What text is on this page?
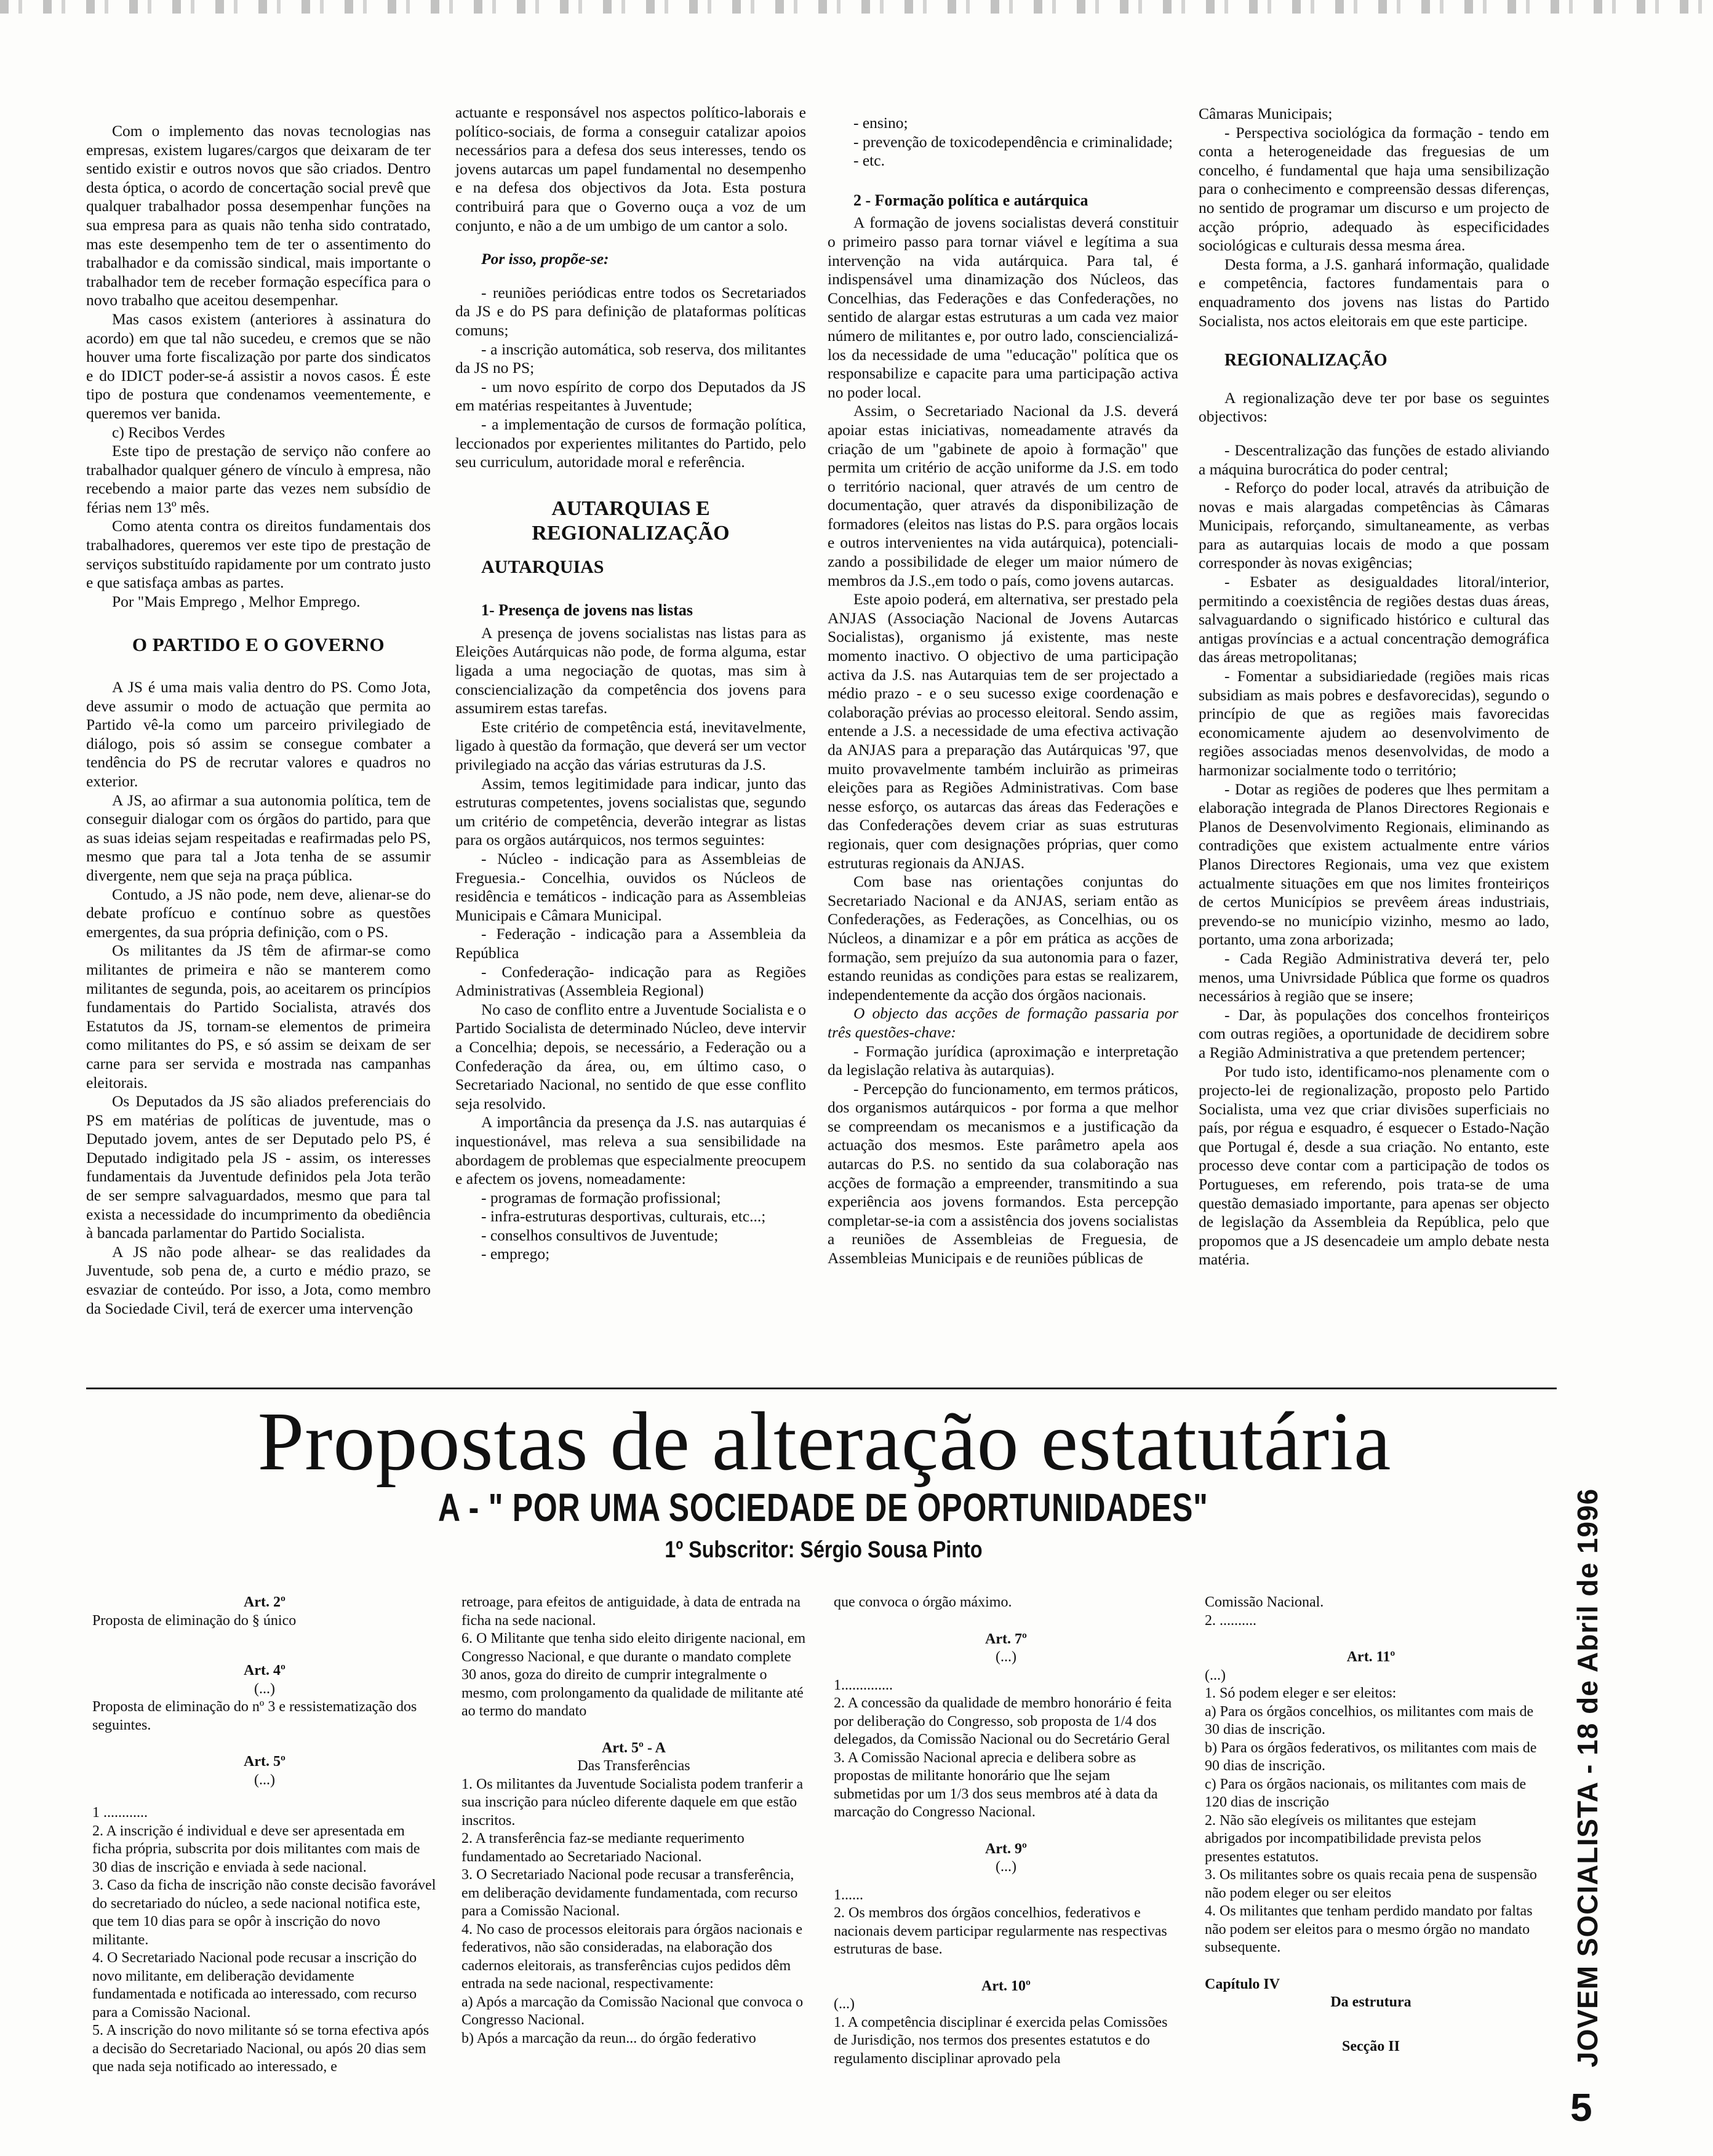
Com o implemento das novas tecnologias nas empresas, existem lugares/cargos que deixaram de ter sentido existir e outros novos que são criados. Dentro desta óptica, o acordo de concertação social prevê que qualquer trabalhador possa desempenhar funções na sua empresa para as quais não tenha sido contratado, mas este desempenho tem de ter o assentimento do trabalhador e da comissão sindical, mais importante o trabalhador tem de receber formação específica para o novo trabalho que aceitou desempenhar.

Mas casos existem (anteriores à assinatura do acordo) em que tal não sucedeu, e cremos que se não houver uma forte fiscalização por parte dos sindicatos e do IDICT poder-se-á assistir a novos casos. É este tipo de postura que condenamos veementemente, e queremos ver banida.

c) Recibos Verdes

Este tipo de prestação de serviço não confere ao trabalhador qualquer género de vínculo à empresa, não recebendo a maior parte das vezes nem subsídio de férias nem 13º mês.

Como atenta contra os direitos fundamentais dos trabalhadores, queremos ver este tipo de prestação de serviços substituído rapidamente por um contrato justo e que satisfaça ambas as partes.

Por "Mais Emprego , Melhor Emprego.

O PARTIDO E O GOVERNO

A JS é uma mais valia dentro do PS. Como Jota, deve assumir o modo de actuação que permita ao Partido vê-la como um parceiro privilegiado de diálogo, pois só assim se consegue combater a tendência do PS de recrutar valores e quadros no exterior.

A JS, ao afirmar a sua autonomia política, tem de conseguir dialogar com os órgãos do partido, para que as suas ideias sejam respeitadas e reafirmadas pelo PS, mesmo que para tal a Jota tenha de se assumir divergente, nem que seja na praça pública.

Contudo, a JS não pode, nem deve, alienar-se do debate profícuo e contínuo sobre as questões emergentes, da sua própria definição, com o PS.

Os militantes da JS têm de afirmar-se como militantes de primeira e não se manterem como militantes de segunda, pois, ao aceitarem os princípios fundamentais do Partido Socialista, através dos Estatutos da JS, tornam-se elementos de primeira como militantes do PS, e só assim se deixam de ser carne para ser servida e mostrada nas campanhas eleitorais.

Os Deputados da JS são aliados preferenciais do PS em matérias de políticas de juventude, mas o Deputado jovem, antes de ser Deputado pelo PS, é Deputado indigitado pela JS - assim, os interesses fundamentais da Juventude definidos pela Jota terão de ser sempre salvaguardados, mesmo que para tal exista a necessidade do incumprimento da obediência à bancada parlamentar do Partido Socialista.

A JS não pode alhear- se das realidades da Juventude, sob pena de, a curto e médio prazo, se esvaziar de conteúdo. Por isso, a Jota, como membro da Sociedade Civil, terá de exercer uma intervenção

actuante e responsável nos aspectos político-laborais e político-sociais, de forma a conseguir catalizar apoios necessários para a defesa dos seus interesses, tendo os jovens autarcas um papel fundamental no desempenho e na defesa dos objectivos da Jota. Esta postura contribuirá para que o Governo ouça a voz de um conjunto, e não a de um umbigo de um cantor a solo.

Por isso, propõe-se:

- reuniões periódicas entre todos os Secretariados da JS e do PS para definição de plataformas políticas comuns;

- a inscrição automática, sob reserva, dos militantes da JS no PS;

- um novo espírito de corpo dos Deputados da JS em matérias respeitantes à Juventude;

- a implementação de cursos de formação política, leccionados por experientes militantes do Partido, pelo seu curriculum, autoridade moral e referência.

AUTARQUIAS E REGIONALIZAÇÃO
AUTARQUIAS
1- Presença de jovens nas listas

A presença de jovens socialistas nas listas para as Eleições Autárquicas não pode, de forma alguma, estar ligada a uma negociação de quotas, mas sim à consciencialização da competência dos jovens para assumirem estas tarefas.

Este critério de competência está, inevitavelmente, ligado à questão da formação, que deverá ser um vector privilegiado na acção das várias estruturas da J.S.

Assim, temos legitimidade para indicar, junto das estruturas competentes, jovens socialistas que, segundo um critério de competência, deverão integrar as listas para os orgãos autárquicos, nos termos seguintes:

- Núcleo - indicação para as Assembleias de Freguesia.- Concelhia, ouvidos os Núcleos de residência e temáticos - indicação para as Assembleias Municipais e Câmara Municipal.

- Federação - indicação para a Assembleia da República

- Confederação- indicação para as Regiões Administrativas (Assembleia Regional)

No caso de conflito entre a Juventude Socialista e o Partido Socialista de determinado Núcleo, deve intervir a Concelhia; depois, se necessário, a Federação ou a Confederação da área, ou, em último caso, o Secretariado Nacional, no sentido de que esse conflito seja resolvido.

A importância da presença da J.S. nas autarquias é inquestionável, mas releva a sua sensibilidade na abordagem de problemas que especialmente preocupem e afectem os jovens, nomeadamente:

- programas de formação profissional;

- infra-estruturas desportivas, culturais, etc...;

- conselhos consultivos de Juventude;

- emprego;

- ensino;

- prevenção de toxicodependência e criminalidade;

- etc.

2 - Formação política e autárquica

A formação de jovens socialistas deverá constituir o primeiro passo para tornar viável e legítima a sua intervenção na vida autárquica. Para tal, é indispensável uma dinamização dos Núcleos, das Concelhias, das Federações e das Confederações, no sentido de alargar estas estruturas a um cada vez maior número de militantes e, por outro lado, consciencializá-los da necessidade de uma "educação" política que os responsabilize e capacite para uma participação activa no poder local.

Assim, o Secretariado Nacional da J.S. deverá apoiar estas iniciativas, nomeadamente através da criação de um "gabinete de apoio à formação" que permita um critério de acção uniforme da J.S. em todo o território nacional, quer através de um centro de documentação, quer através da disponibilização de formadores (eleitos nas listas do P.S. para orgãos locais e outros intervenientes na vida autárquica), potenciali-zando a possibilidade de eleger um maior número de membros da J.S.,em todo o país, como jovens autarcas.

Este apoio poderá, em alternativa, ser prestado pela ANJAS (Associação Nacional de Jovens Autarcas Socialistas), organismo já existente, mas neste momento inactivo. O objectivo de uma participação activa da J.S. nas Autarquias tem de ser projectado a médio prazo - e o seu sucesso exige coordenação e colaboração prévias ao processo eleitoral. Sendo assim, entende a J.S. a necessidade de uma efectiva activação da ANJAS para a preparação das Autárquicas '97, que muito provavelmente também incluirão as primeiras eleições para as Regiões Administrativas. Com base nesse esforço, os autarcas das áreas das Federações e das Confederações devem criar as suas estruturas regionais, quer com designações próprias, quer como estruturas regionais da ANJAS.

Com base nas orientações conjuntas do Secretariado Nacional e da ANJAS, seriam então as Confederações, as Federações, as Concelhias, ou os Núcleos, a dinamizar e a pôr em prática as acções de formação, sem prejuízo da sua autonomia para o fazer, estando reunidas as condições para estas se realizarem, independentemente da acção dos órgãos nacionais.

O objecto das acções de formação passaria por três questões-chave:

- Formação jurídica (aproximação e interpretação da legislação relativa às autarquias).

- Percepção do funcionamento, em termos práticos, dos organismos autárquicos - por forma a que melhor se compreendam os mecanismos e a justificação da actuação dos mesmos. Este parâmetro apela aos autarcas do P.S. no sentido da sua colaboração nas acções de formação a empreender, transmitindo a sua experiência aos jovens formandos. Esta percepção completar-se-ia com a assistência dos jovens socialistas a reuniões de Assembleias de Freguesia, de Assembleias Municipais e de reuniões públicas de

Câmaras Municipais;

- Perspectiva sociológica da formação - tendo em conta a heterogeneidade das freguesias de um concelho, é fundamental que haja uma sensibilização para o conhecimento e compreensão dessas diferenças, no sentido de programar um discurso e um projecto de acção próprio, adequado às especificidades sociológicas e culturais dessa mesma área.

Desta forma, a J.S. ganhará informação, qualidade e competência, factores fundamentais para o enquadramento dos jovens nas listas do Partido Socialista, nos actos eleitorais em que este participe.

REGIONALIZAÇÃO

A regionalização deve ter por base os seguintes objectivos:

- Descentralização das funções de estado aliviando a máquina burocrática do poder central;

- Reforço do poder local, através da atribuição de novas e mais alargadas competências às Câmaras Municipais, reforçando, simultaneamente, as verbas para as autarquias locais de modo a que possam corresponder às novas exigências;

- Esbater as desigualdades litoral/interior, permitindo a coexistência de regiões destas duas áreas, salvaguardando o significado histórico e cultural das antigas províncias e a actual concentração demográfica das áreas metropolitanas;

- Fomentar a subsidiariedade (regiões mais ricas subsidiam as mais pobres e desfavorecidas), segundo o princípio de que as regiões mais favorecidas economicamente ajudem ao desenvolvimento de regiões associadas menos desenvolvidas, de modo a harmonizar socialmente todo o território;

- Dotar as regiões de poderes que lhes permitam a elaboração integrada de Planos Directores Regionais e Planos de Desenvolvimento Regionais, eliminando as contradições que existem actualmente entre vários Planos Directores Regionais, uma vez que existem actualmente situações em que nos limites fronteiriços de certos Municípios se prevêem áreas industriais, prevendo-se no município vizinho, mesmo ao lado, portanto, uma zona arborizada;

- Cada Região Administrativa deverá ter, pelo menos, uma Univrsidade Pública que forme os quadros necessários à região que se insere;

- Dar, às populações dos concelhos fronteiriços com outras regiões, a oportunidade de decidirem sobre a Região Administrativa a que pretendem pertencer;

Por tudo isto, identificamo-nos plenamente com o projecto-lei de regionalização, proposto pelo Partido Socialista, uma vez que criar divisões superficiais no país, por régua e esquadro, é esquecer o Estado-Nação que Portugal é, desde a sua criação. No entanto, este processo deve contar com a participação de todos os Portugueses, em referendo, pois trata-se de uma questão demasiado importante, para apenas ser objecto de legislação da Assembleia da República, pelo que propomos que a JS desencadeie um amplo debate nesta matéria.

Propostas de alteração estatutária
A - " POR UMA SOCIEDADE DE OPORTUNIDADES"
1º Subscritor: Sérgio Sousa Pinto

Art. 2º

Proposta de eliminação do § único

Art. 4º

(...)

Proposta de eliminação do nº 3 e ressistematização dos seguintes.

Art. 5º

(...)

1 ............

2. A inscrição é individual e deve ser apresentada em ficha própria, subscrita por dois militantes com mais de 30 dias de inscrição e enviada à sede nacional.

3. Caso da ficha de inscrição não conste decisão favorável do secretariado do núcleo, a sede nacional notifica este, que tem 10 dias para se opôr à inscrição do novo militante.

4. O Secretariado Nacional pode recusar a inscrição do novo militante, em deliberação devidamente fundamentada e notificada ao interessado, com recurso para a Comissão Nacional.

5. A inscrição do novo militante só se torna efectiva após a decisão do Secretariado Nacional, ou após 20 dias sem que nada seja notificado ao interessado, e

retroage, para efeitos de antiguidade, à data de entrada na ficha na sede nacional.

6. O Militante que tenha sido eleito dirigente nacional, em Congresso Nacional, e que durante o mandato complete 30 anos, goza do direito de cumprir integralmente o mesmo, com prolongamento da qualidade de militante até ao termo do mandato

Art. 5º - A

Das Transferências

1. Os militantes da Juventude Socialista podem tranferir a sua inscrição para núcleo diferente daquele em que estão inscritos.

2. A transferência faz-se mediante requerimento fundamentado ao Secretariado Nacional.

3. O Secretariado Nacional pode recusar a transferência, em deliberação devidamente fundamentada, com recurso para a Comissão Nacional.

4. No caso de processos eleitorais para órgãos nacionais e federativos, não são consideradas, na elaboração dos cadernos eleitorais, as transferências cujos pedidos dêm entrada na sede nacional, respectivamente:

a) Após a marcação da Comissão Nacional que convoca o Congresso Nacional.

b) Após a marcação da reun... do órgão federativo

que convoca o órgão máximo.

Art. 7º

(...)

1..............

2. A concessão da qualidade de membro honorário é feita por deliberação do Congresso, sob proposta de 1/4 dos delegados, da Comissão Nacional ou do Secretário Geral

3. A Comissão Nacional aprecia e delibera sobre as propostas de militante honorário que lhe sejam submetidas por um 1/3 dos seus membros até à data da marcação do Congresso Nacional.

Art. 9º

(...)

1......

2. Os membros dos órgãos concelhios, federativos e nacionais devem participar regularmente nas respectivas estruturas de base.

Art. 10º

(...)

1. A competência disciplinar é exercida pelas Comissões de Jurisdição, nos termos dos presentes estatutos e do regulamento disciplinar aprovado pela

Comissão Nacional.

2. ..........

Art. 11º

(...)

1. Só podem eleger e ser eleitos:

a) Para os órgãos concelhios, os militantes com mais de 30 dias de inscrição.

b) Para os órgãos federativos, os militantes com mais de 90 dias de inscrição.

c) Para os órgãos nacionais, os militantes com mais de 120 dias de inscrição

2. Não são elegíveis os militantes que estejam abrigados por incompatibilidade prevista pelos presentes estatutos.

3. Os militantes sobre os quais recaia pena de suspensão não podem eleger ou ser eleitos

4. Os militantes que tenham perdido mandato por faltas não podem ser eleitos para o mesmo órgão no mandato subsequente.

Capítulo IV

Da estrutura

Secção II	JOVEM SOCIALISTA - 18 de Abril de 1996
5
